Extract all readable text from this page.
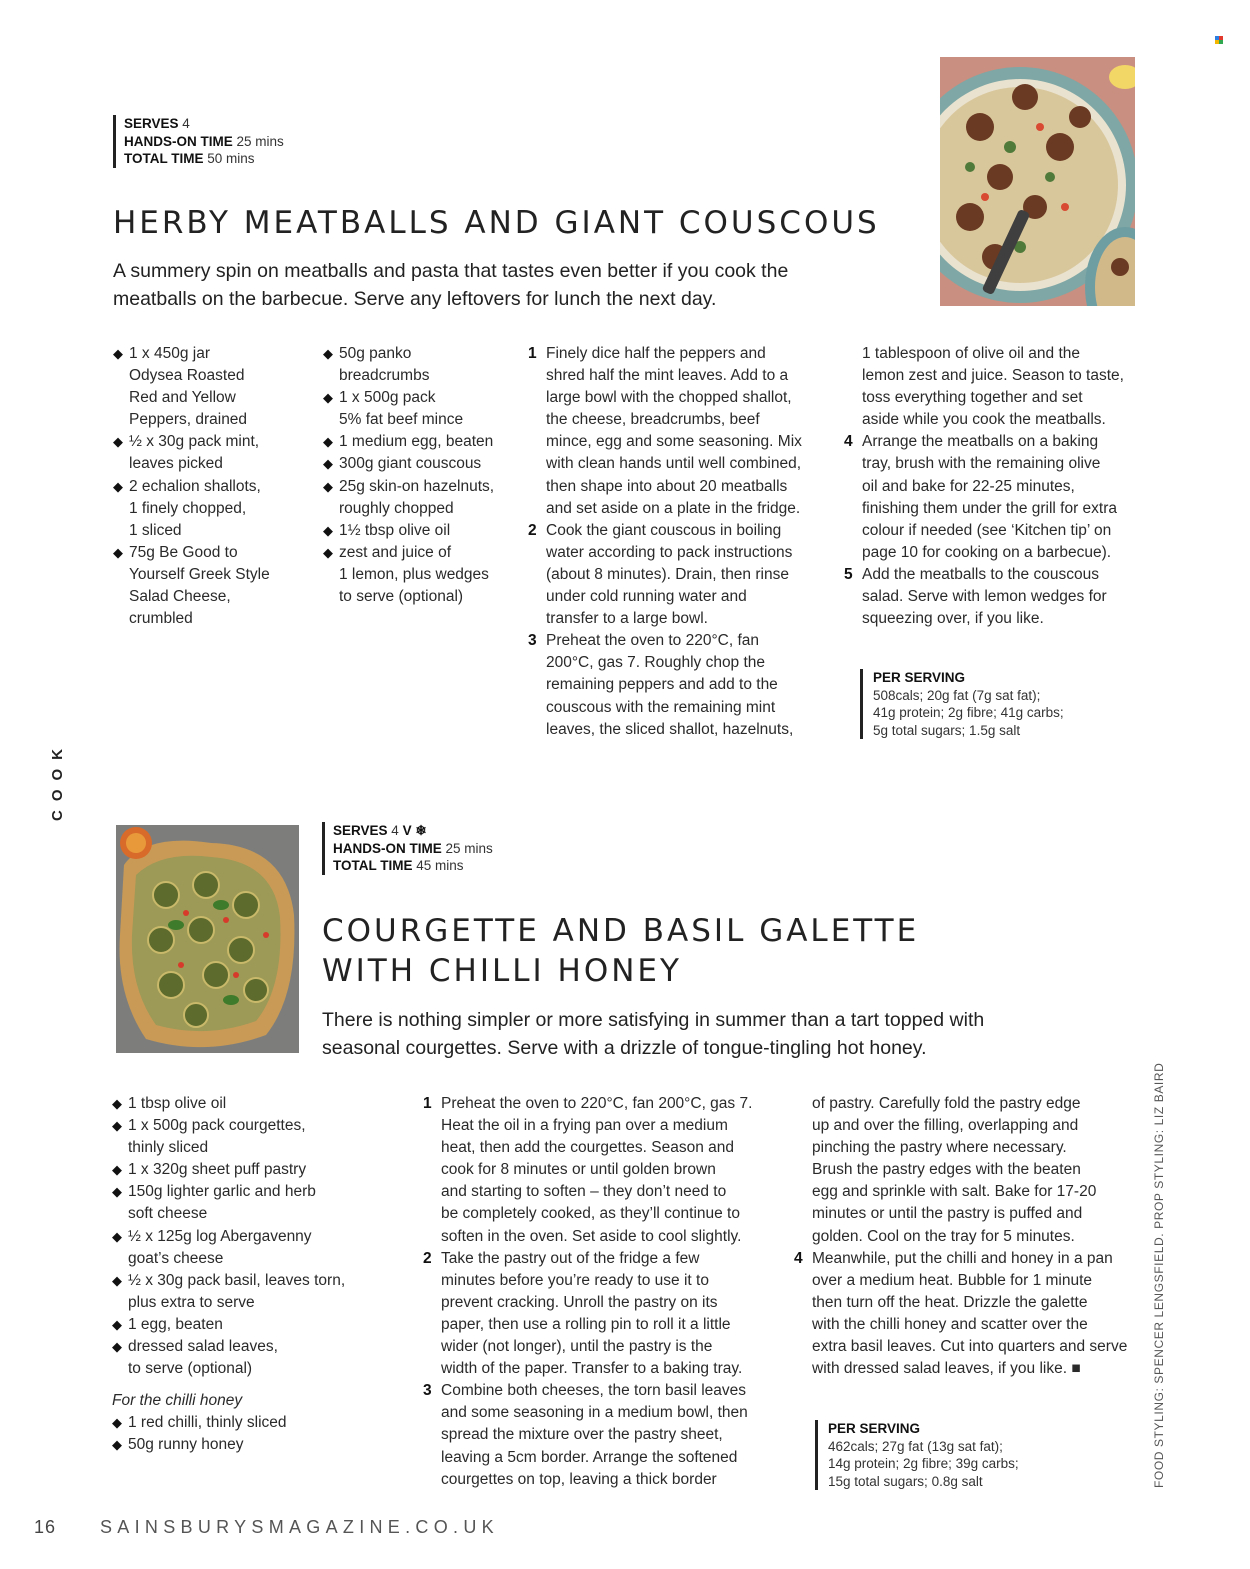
SERVES 4
HANDS-ON TIME 25 mins
TOTAL TIME 50 mins
HERBY MEATBALLS AND GIANT COUSCOUS
A summery spin on meatballs and pasta that tastes even better if you cook the
meatballs on the barbecue. Serve any leftovers for lunch the next day.
◆ 1 x 450g jar
Odysea Roasted
Red and Yellow
Peppers, drained
◆ ½ x 30g pack mint,
leaves picked
◆ 2 echalion shallots,
1 finely chopped,
1 sliced
◆ 75g Be Good to
Yourself Greek Style
Salad Cheese,
crumbled
◆ 50g panko
breadcrumbs
◆ 1 x 500g pack
5% fat beef mince
◆ 1 medium egg, beaten
◆ 300g giant couscous
◆ 25g skin-on hazelnuts,
roughly chopped
◆ 1½ tbsp olive oil
◆ zest and juice of
1 lemon, plus wedges
to serve (optional)
1 Finely dice half the peppers and
shred half the mint leaves. Add to a
large bowl with the chopped shallot,
the cheese, breadcrumbs, beef
mince, egg and some seasoning. Mix
with clean hands until well combined,
then shape into about 20 meatballs
and set aside on a plate in the fridge.
2 Cook the giant couscous in boiling
water according to pack instructions
(about 8 minutes). Drain, then rinse
under cold running water and
transfer to a large bowl.
3 Preheat the oven to 220°C, fan
200°C, gas 7. Roughly chop the
remaining peppers and add to the
couscous with the remaining mint
leaves, the sliced shallot, hazelnuts,
1 tablespoon of olive oil and the
lemon zest and juice. Season to taste,
toss everything together and set
aside while you cook the meatballs.
4 Arrange the meatballs on a baking
tray, brush with the remaining olive
oil and bake for 22-25 minutes,
finishing them under the grill for extra
colour if needed (see ‘Kitchen tip’ on
page 10 for cooking on a barbecue).
5 Add the meatballs to the couscous
salad. Serve with lemon wedges for
squeezing over, if you like.
PER SERVING
508cals; 20g fat (7g sat fat);
41g protein; 2g fibre; 41g carbs;
5g total sugars; 1.5g salt
COOK
SERVES 4 V ❄
HANDS-ON TIME 25 mins
TOTAL TIME 45 mins
COURGETTE AND BASIL GALETTE
WITH CHILLI HONEY
There is nothing simpler or more satisfying in summer than a tart topped with
seasonal courgettes. Serve with a drizzle of tongue-tingling hot honey.
◆ 1 tbsp olive oil
◆ 1 x 500g pack courgettes,
thinly sliced
◆ 1 x 320g sheet puff pastry
◆ 150g lighter garlic and herb
soft cheese
◆ ½ x 125g log Abergavenny
goat’s cheese
◆ ½ x 30g pack basil, leaves torn,
plus extra to serve
◆ 1 egg, beaten
◆ dressed salad leaves,
to serve (optional)
For the chilli honey
◆ 1 red chilli, thinly sliced
◆ 50g runny honey
1 Preheat the oven to 220°C, fan 200°C, gas 7.
Heat the oil in a frying pan over a medium
heat, then add the courgettes. Season and
cook for 8 minutes or until golden brown
and starting to soften – they don’t need to
be completely cooked, as they’ll continue to
soften in the oven. Set aside to cool slightly.
2 Take the pastry out of the fridge a few
minutes before you’re ready to use it to
prevent cracking. Unroll the pastry on its
paper, then use a rolling pin to roll it a little
wider (not longer), until the pastry is the
width of the paper. Transfer to a baking tray.
3 Combine both cheeses, the torn basil leaves
and some seasoning in a medium bowl, then
spread the mixture over the pastry sheet,
leaving a 5cm border. Arrange the softened
courgettes on top, leaving a thick border
of pastry. Carefully fold the pastry edge
up and over the filling, overlapping and
pinching the pastry where necessary.
Brush the pastry edges with the beaten
egg and sprinkle with salt. Bake for 17-20
minutes or until the pastry is puffed and
golden. Cool on the tray for 5 minutes.
4 Meanwhile, put the chilli and honey in a pan
over a medium heat. Bubble for 1 minute
then turn off the heat. Drizzle the galette
with the chilli honey and scatter over the
extra basil leaves. Cut into quarters and serve
with dressed salad leaves, if you like. ■
PER SERVING
462cals; 27g fat (13g sat fat);
14g protein; 2g fibre; 39g carbs;
15g total sugars; 0.8g salt	FOOD STYLING: SPENCER LENGSFIELD. PROP STYLING: LIZ BAIRD
16 SAINSBURYSMAGAZINE.CO.UK
